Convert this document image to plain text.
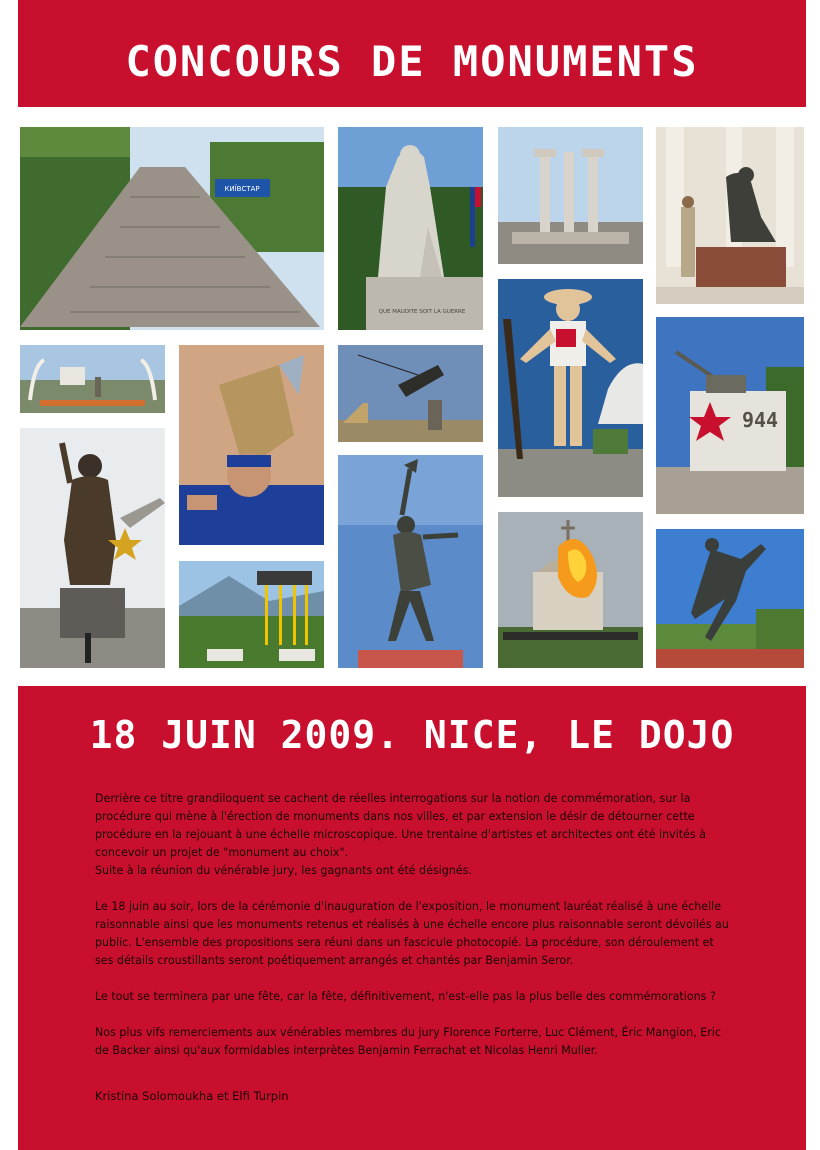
CONCOURS DE MONUMENTS
КИЇВСТАР
QUE MAUDITE SOIT LA GUERRE
944
18 JUIN 2009. NICE, LE DOJO

Derrière ce titre grandiloquent se cachent de réelles interrogations sur la notion de commémoration, sur la procédure qui mène à l'érection de monuments dans nos villes, et par extension le désir de détourner cette procédure en la rejouant à une échelle microscopique. Une trentaine d'artistes et architectes ont été invités à concevoir un projet de "monument au choix".

Suite à la réunion du vénérable jury, les gagnants ont été désignés.

Le 18 juin au soir, lors de la cérémonie d'inauguration de l'exposition, le monument lauréat réalisé à une échelle raisonnable ainsi que les monuments retenus et réalisés à une échelle encore plus raisonnable seront dévoilés au public. L'ensemble des propositions sera réuni dans un fascicule photocopié. La procédure, son déroulement et ses détails croustillants seront poétiquement arrangés et chantés par Benjamin Seror.

Le tout se terminera par une fête, car la fête, définitivement, n'est-elle pas la plus belle des commémorations ?

Nos plus vifs remerciements aux vénérables membres du jury Florence Forterre, Luc Clément, Éric Mangion, Eric de Backer ainsi qu'aux formidables interprètes Benjamin Ferrachat et Nicolas Henri Muller.

Kristina Solomoukha et Elfi Turpin
